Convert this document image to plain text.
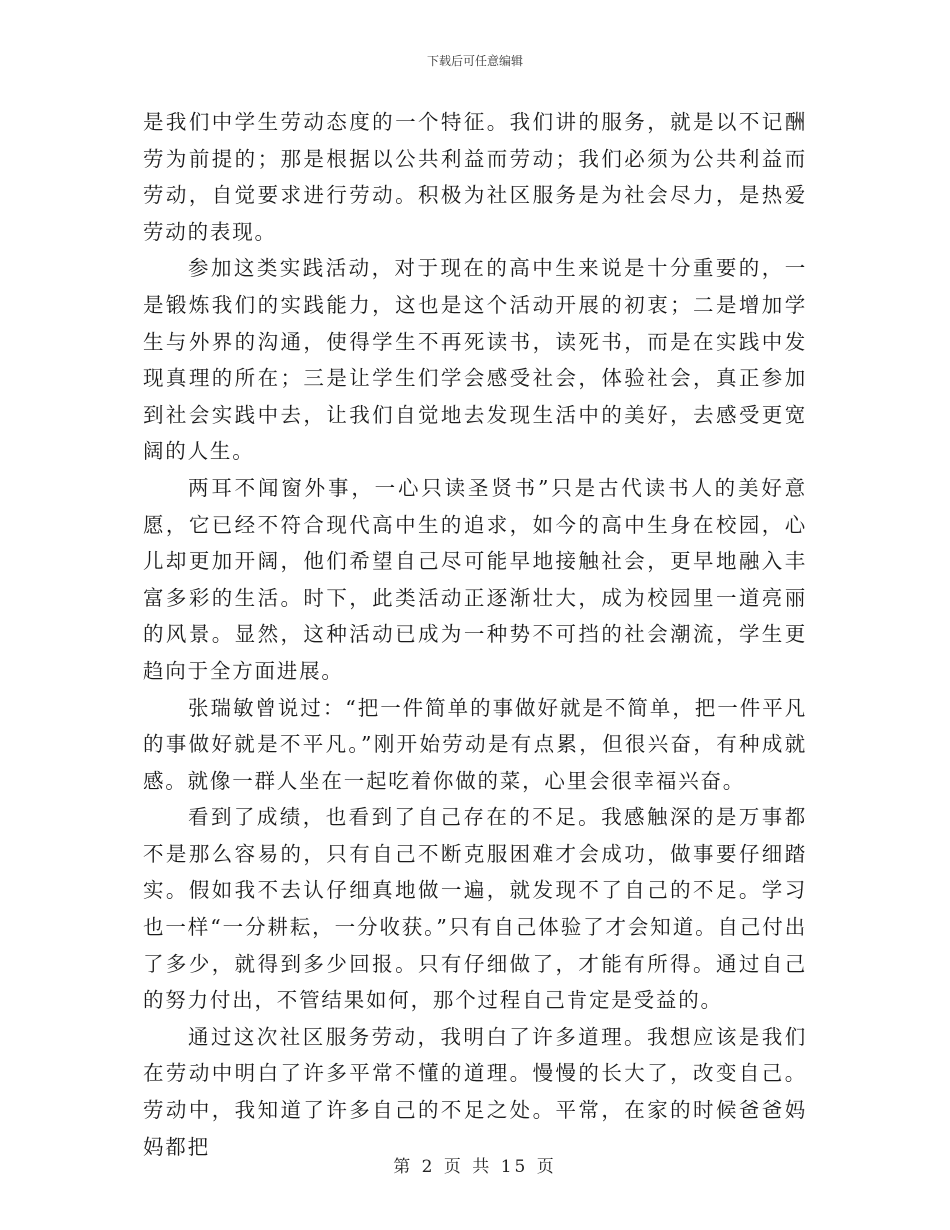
下载后可任意编辑

是我们中学生劳动态度的一个特征。我们讲的服务，就是以不记酬劳为前提的；那是根据以公共利益而劳动；我们必须为公共利益而劳动，自觉要求进行劳动。积极为社区服务是为社会尽力，是热爱劳动的表现。

参加这类实践活动，对于现在的高中生来说是十分重要的，一是锻炼我们的实践能力，这也是这个活动开展的初衷；二是增加学生与外界的沟通，使得学生不再死读书，读死书，而是在实践中发现真理的所在；三是让学生们学会感受社会，体验社会，真正参加到社会实践中去，让我们自觉地去发现生活中的美好，去感受更宽阔的人生。

两耳不闻窗外事，一心只读圣贤书”只是古代读书人的美好意愿，它已经不符合现代高中生的追求，如今的高中生身在校园，心儿却更加开阔，他们希望自己尽可能早地接触社会，更早地融入丰富多彩的生活。时下，此类活动正逐渐壮大，成为校园里一道亮丽的风景。显然，这种活动已成为一种势不可挡的社会潮流，学生更趋向于全方面进展。

张瑞敏曾说过：“把一件简单的事做好就是不简单，把一件平凡的事做好就是不平凡。”刚开始劳动是有点累，但很兴奋，有种成就感。就像一群人坐在一起吃着你做的菜，心里会很幸福兴奋。

看到了成绩，也看到了自己存在的不足。我感触深的是万事都不是那么容易的，只有自己不断克服困难才会成功，做事要仔细踏实。假如我不去认仔细真地做一遍，就发现不了自己的不足。学习也一样“一分耕耘，一分收获。”只有自己体验了才会知道。自己付出了多少，就得到多少回报。只有仔细做了，才能有所得。通过自己的努力付出，不管结果如何，那个过程自己肯定是受益的。

通过这次社区服务劳动，我明白了许多道理。我想应该是我们在劳动中明白了许多平常不懂的道理。慢慢的长大了，改变自己。劳动中，我知道了许多自己的不足之处。平常，在家的时候爸爸妈妈都把

第 2 页 共 15 页
